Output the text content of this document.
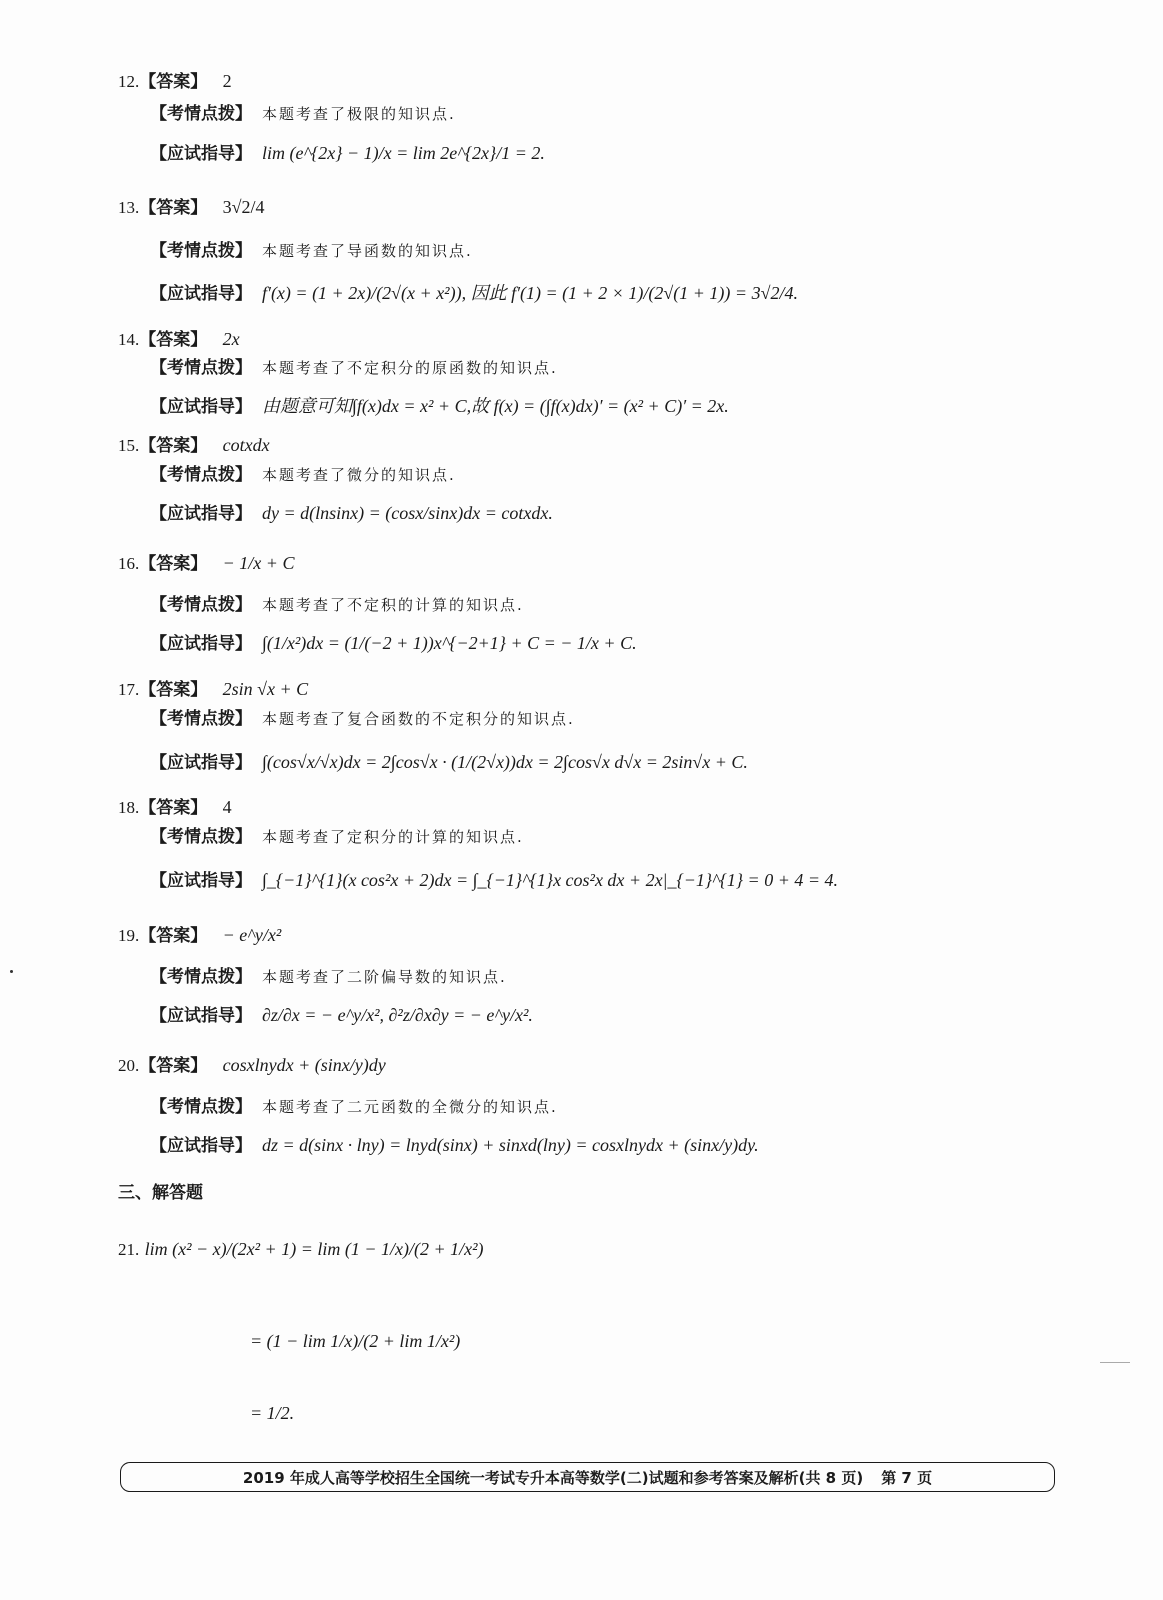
12.【答案】 2
【考情点拨】 本题考查了极限的知识点.
【应试指导】 lim (e^{2x} − 1)/x = lim 2e^{2x}/1 = 2.
13.【答案】 3√2/4
【考情点拨】 本题考查了导函数的知识点.
【应试指导】 f′(x) = (1 + 2x)/(2√(x + x²)), 因此 f′(1) = (1 + 2 × 1)/(2√(1 + 1)) = 3√2/4.
14.【答案】 2x
【考情点拨】 本题考查了不定积分的原函数的知识点.
【应试指导】 由题意可知∫f(x)dx = x² + C,故 f(x) = (∫f(x)dx)′ = (x² + C)′ = 2x.
15.【答案】 cotxdx
【考情点拨】 本题考查了微分的知识点.
【应试指导】 dy = d(lnsinx) = (cosx/sinx)dx = cotxdx.
16.【答案】 − 1/x + C
【考情点拨】 本题考查了不定积的计算的知识点.
【应试指导】 ∫(1/x²)dx = (1/(−2 + 1))x^{−2+1} + C = − 1/x + C.
17.【答案】 2sin √x + C
【考情点拨】 本题考查了复合函数的不定积分的知识点.
【应试指导】 ∫(cos√x/√x)dx = 2∫cos√x · (1/(2√x))dx = 2∫cos√x d√x = 2sin√x + C.
18.【答案】 4
【考情点拨】 本题考查了定积分的计算的知识点.
【应试指导】 ∫_{−1}^{1}(x cos²x + 2)dx = ∫_{−1}^{1}x cos²x dx + 2x|_{−1}^{1} = 0 + 4 = 4.
19.【答案】 − e^y/x²
【考情点拨】 本题考查了二阶偏导数的知识点.
【应试指导】 ∂z/∂x = − e^y/x², ∂²z/∂x∂y = − e^y/x².
20.【答案】 cosxlnydx + (sinx/y)dy
【考情点拨】 本题考查了二元函数的全微分的知识点.
【应试指导】 dz = d(sinx · lny) = lnyd(sinx) + sinxd(lny) = cosxlnydx + (sinx/y)dy.
三、解答题
21. lim (x² − x)/(2x² + 1) = lim (1 − 1/x)/(2 + 1/x²)
= (1 − lim 1/x)/(2 + lim 1/x²)
= 1/2.
2019 年成人高等学校招生全国统一考试专升本高等数学(二)试题和参考答案及解析(共 8 页) 第 7 页
